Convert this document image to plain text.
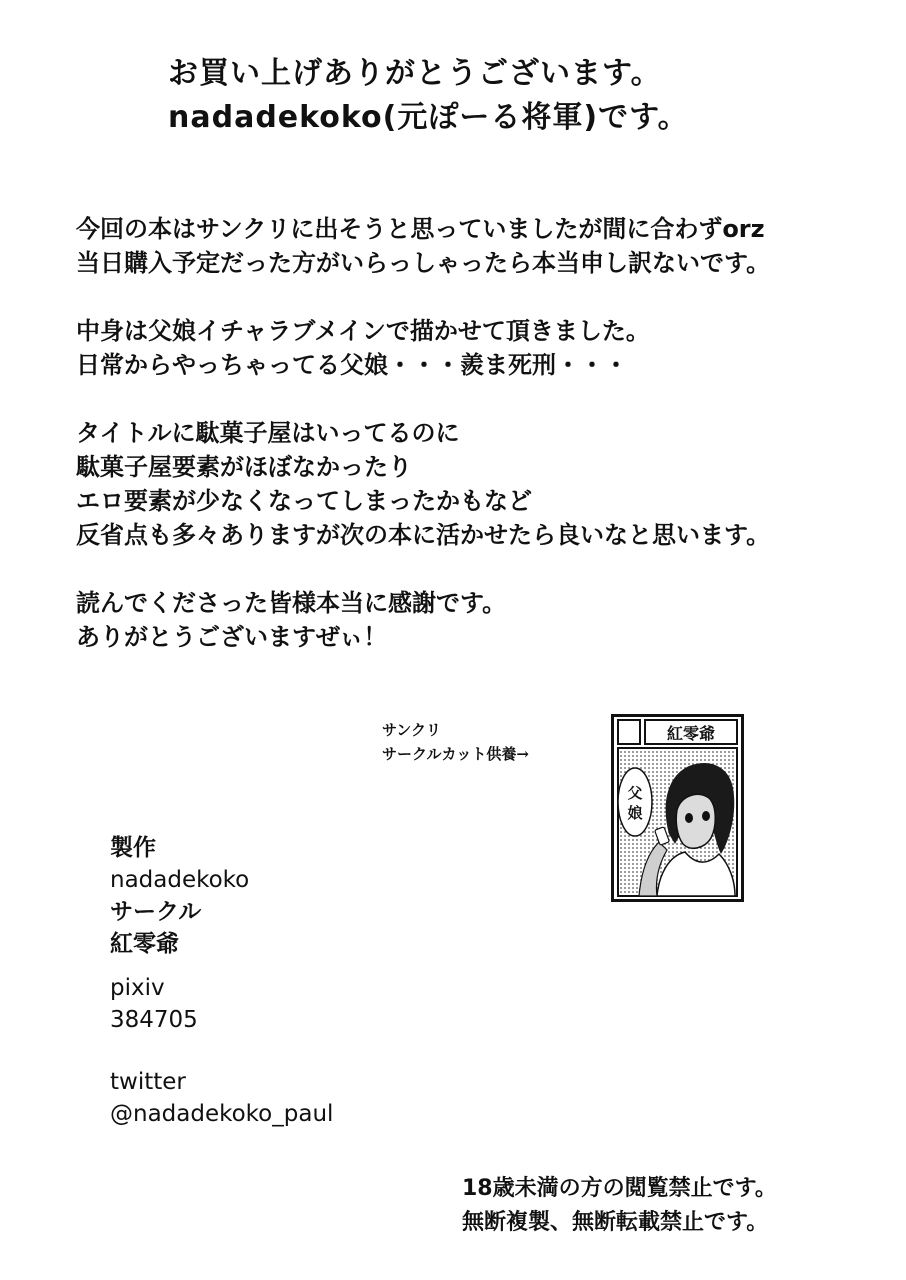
お買い上げありがとうございます。
nadadekoko(元ぽーる将軍)です。

今回の本はサンクリに出そうと思っていましたが間に合わずorz
当日購入予定だった方がいらっしゃったら本当申し訳ないです。

中身は父娘イチャラブメインで描かせて頂きました。
日常からやっちゃってる父娘・・・羨ま死刑・・・

タイトルに駄菓子屋はいってるのに
駄菓子屋要素がほぼなかったり
エロ要素が少なくなってしまったかもなど
反省点も多々ありますが次の本に活かせたら良いなと思います。

読んでくださった皆様本当に感謝です。
ありがとうございますぜぃ！

サンクリ
サークルカット供養→
紅零爺
父娘
製作
nadadekoko
サークル
紅零爺
pixiv
384705
twitter
@nadadekoko_paul
18歳未満の方の閲覧禁止です。
無断複製、無断転載禁止です。
